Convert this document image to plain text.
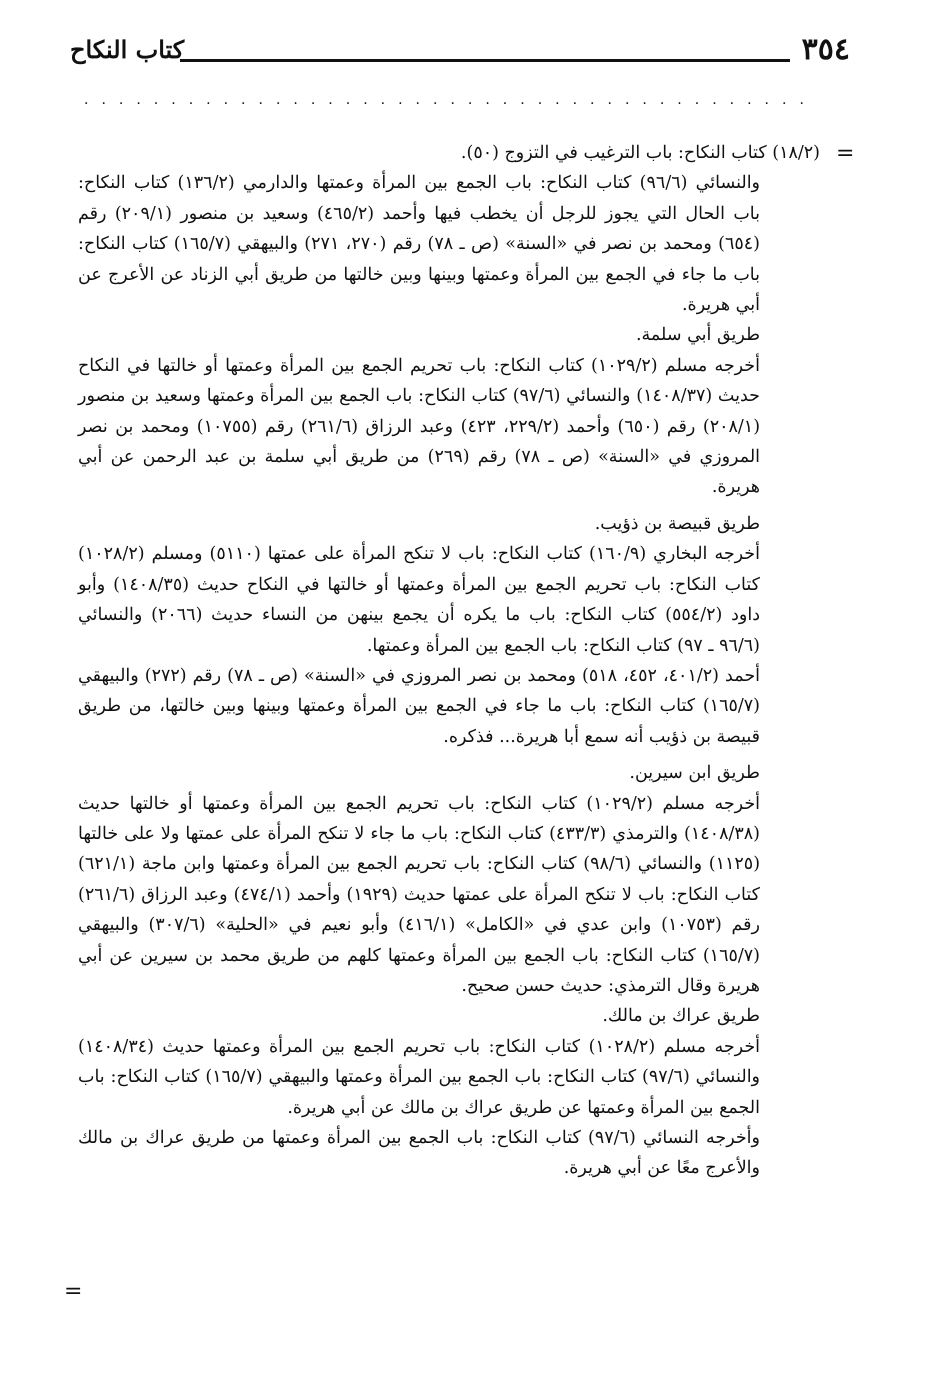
٣٥٤
كتاب النكاح
..........................................
=

(١٨/٢) كتاب النكاح: باب الترغيب في التزوج (٥٠).

والنسائي (٩٦/٦) كتاب النكاح: باب الجمع بين المرأة وعمتها والدارمي (١٣٦/٢) كتاب النكاح: باب الحال التي يجوز للرجل أن يخطب فيها وأحمد (٤٦٥/٢) وسعيد بن منصور (٢٠٩/١) رقم (٦٥٤) ومحمد بن نصر في «السنة» (ص ـ ٧٨) رقم (٢٧٠، ٢٧١) والبيهقي (١٦٥/٧) كتاب النكاح: باب ما جاء في الجمع بين المرأة وعمتها وبينها وبين خالتها من طريق أبي الزناد عن الأعرج عن أبي هريرة.

طريق أبي سلمة.

أخرجه مسلم (١٠٢٩/٢) كتاب النكاح: باب تحريم الجمع بين المرأة وعمتها أو خالتها في النكاح حديث (١٤٠٨/٣٧) والنسائي (٩٧/٦) كتاب النكاح: باب الجمع بين المرأة وعمتها وسعيد بن منصور (٢٠٨/١) رقم (٦٥٠) وأحمد (٢٢٩/٢، ٤٢٣) وعبد الرزاق (٢٦١/٦) رقم (١٠٧٥٥) ومحمد بن نصر المروزي في «السنة» (ص ـ ٧٨) رقم (٢٦٩) من طريق أبي سلمة بن عبد الرحمن عن أبي هريرة.

طريق قبيصة بن ذؤيب.

أخرجه البخاري (١٦٠/٩) كتاب النكاح: باب لا تنكح المرأة على عمتها (٥١١٠) ومسلم (١٠٢٨/٢) كتاب النكاح: باب تحريم الجمع بين المرأة وعمتها أو خالتها في النكاح حديث (١٤٠٨/٣٥) وأبو داود (٥٥٤/٢) كتاب النكاح: باب ما يكره أن يجمع بينهن من النساء حديث (٢٠٦٦) والنسائي (٩٦/٦ ـ ٩٧) كتاب النكاح: باب الجمع بين المرأة وعمتها.

أحمد (٤٠١/٢، ٤٥٢، ٥١٨) ومحمد بن نصر المروزي في «السنة» (ص ـ ٧٨) رقم (٢٧٢) والبيهقي (١٦٥/٧) كتاب النكاح: باب ما جاء في الجمع بين المرأة وعمتها وبينها وبين خالتها، من طريق قبيصة بن ذؤيب أنه سمع أبا هريرة... فذكره.

طريق ابن سيرين.

أخرجه مسلم (١٠٢٩/٢) كتاب النكاح: باب تحريم الجمع بين المرأة وعمتها أو خالتها حديث (١٤٠٨/٣٨) والترمذي (٤٣٣/٣) كتاب النكاح: باب ما جاء لا تنكح المرأة على عمتها ولا على خالتها (١١٢٥) والنسائي (٩٨/٦) كتاب النكاح: باب تحريم الجمع بين المرأة وعمتها وابن ماجة (٦٢١/١) كتاب النكاح: باب لا تنكح المرأة على عمتها حديث (١٩٢٩) وأحمد (٤٧٤/١) وعبد الرزاق (٢٦١/٦) رقم (١٠٧٥٣) وابن عدي في «الكامل» (٤١٦/١) وأبو نعيم في «الحلية» (٣٠٧/٦) والبيهقي (١٦٥/٧) كتاب النكاح: باب الجمع بين المرأة وعمتها كلهم من طريق محمد بن سيرين عن أبي هريرة وقال الترمذي: حديث حسن صحيح.

طريق عراك بن مالك.

أخرجه مسلم (١٠٢٨/٢) كتاب النكاح: باب تحريم الجمع بين المرأة وعمتها حديث (١٤٠٨/٣٤) والنسائي (٩٧/٦) كتاب النكاح: باب الجمع بين المرأة وعمتها والبيهقي (١٦٥/٧) كتاب النكاح: باب الجمع بين المرأة وعمتها عن طريق عراك بن مالك عن أبي هريرة.

وأخرجه النسائي (٩٧/٦) كتاب النكاح: باب الجمع بين المرأة وعمتها من طريق عراك بن مالك والأعرج معًا عن أبي هريرة.

=
